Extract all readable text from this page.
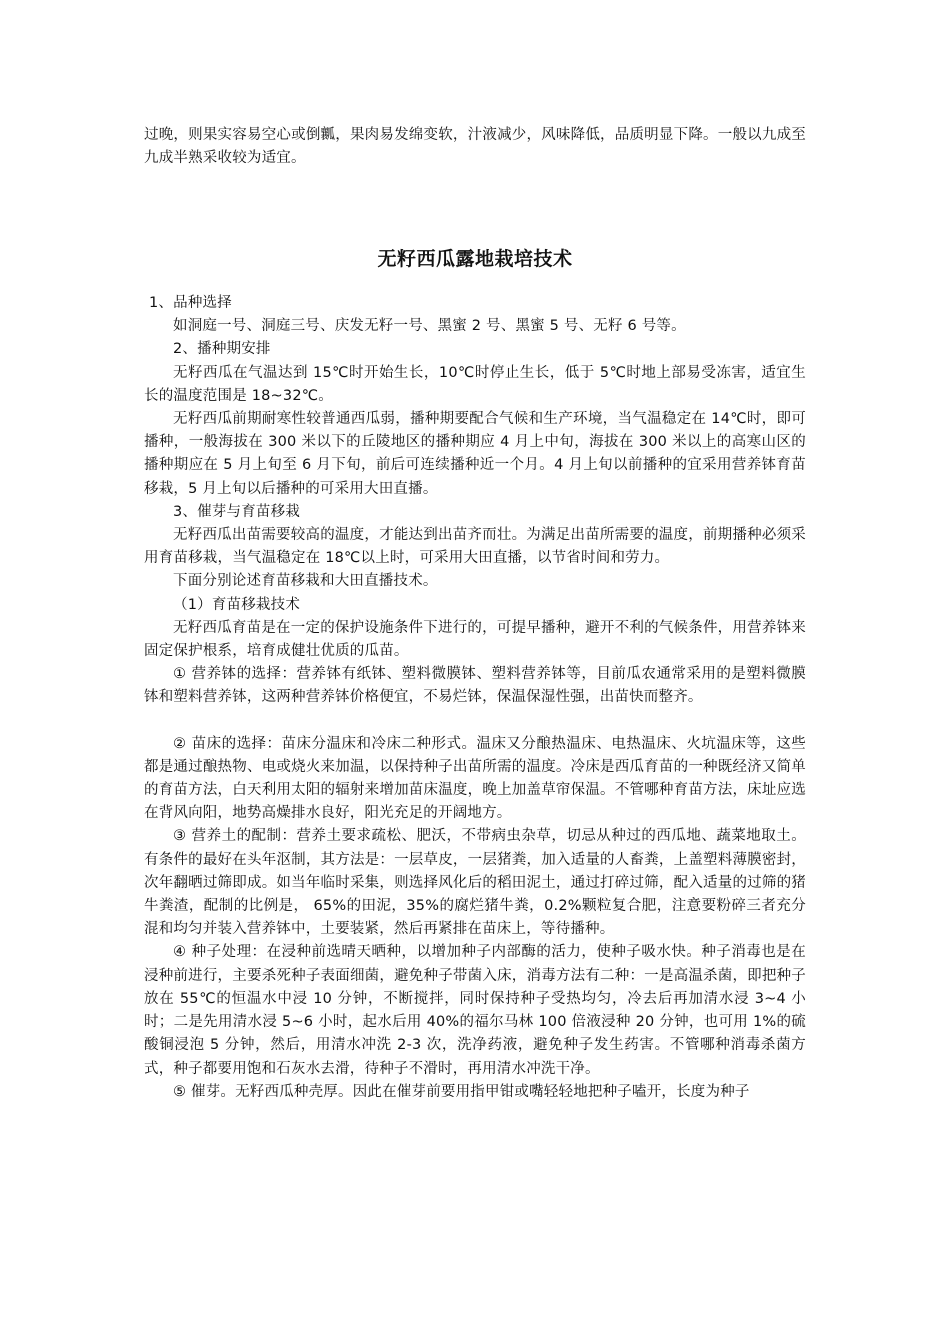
过晚，则果实容易空心或倒瓤，果肉易发绵变软，汁液减少，风味降低，品质明显下降。一般以九成至九成半熟采收较为适宜。

无籽西瓜露地栽培技术

1、品种选择

如洞庭一号、洞庭三号、庆发无籽一号、黑蜜 2 号、黑蜜 5 号、无籽 6 号等。

2、播种期安排

无籽西瓜在气温达到 15℃时开始生长，10℃时停止生长，低于 5℃时地上部易受冻害，适宜生长的温度范围是 18~32℃。

无籽西瓜前期耐寒性较普通西瓜弱，播种期要配合气候和生产环境，当气温稳定在 14℃时，即可播种，一般海拔在 300 米以下的丘陵地区的播种期应 4 月上中旬，海拔在 300 米以上的高寒山区的播种期应在 5 月上旬至 6 月下旬，前后可连续播种近一个月。4 月上旬以前播种的宜采用营养钵育苗移栽，5 月上旬以后播种的可采用大田直播。

3、催芽与育苗移栽

无籽西瓜出苗需要较高的温度，才能达到出苗齐而壮。为满足出苗所需要的温度，前期播种必须采用育苗移栽，当气温稳定在 18℃以上时，可采用大田直播，以节省时间和劳力。

下面分别论述育苗移栽和大田直播技术。

（1）育苗移栽技术

无籽西瓜育苗是在一定的保护设施条件下进行的，可提早播种，避开不利的气候条件，用营养钵来固定保护根系，培育成健壮优质的瓜苗。

① 营养钵的选择：营养钵有纸钵、塑料微膜钵、塑料营养钵等，目前瓜农通常采用的是塑料微膜钵和塑料营养钵，这两种营养钵价格便宜，不易烂钵，保温保湿性强，出苗快而整齐。

② 苗床的选择：苗床分温床和冷床二种形式。温床又分酿热温床、电热温床、火坑温床等，这些都是通过酿热物、电或烧火来加温，以保持种子出苗所需的温度。冷床是西瓜育苗的一种既经济又简单的育苗方法，白天利用太阳的辐射来增加苗床温度，晚上加盖草帘保温。不管哪种育苗方法，床址应选在背风向阳，地势高燥排水良好，阳光充足的开阔地方。

③ 营养土的配制：营养土要求疏松、肥沃，不带病虫杂草，切忌从种过的西瓜地、蔬菜地取土。有条件的最好在头年沤制，其方法是：一层草皮，一层猪粪，加入适量的人畜粪，上盖塑料薄膜密封，次年翻晒过筛即成。如当年临时采集，则选择风化后的稻田泥土，通过打碎过筛，配入适量的过筛的猪牛粪渣，配制的比例是， 65%的田泥，35%的腐烂猪牛粪，0.2%颗粒复合肥，注意要粉碎三者充分混和均匀并装入营养钵中，土要装紧，然后再紧排在苗床上，等待播种。

④ 种子处理：在浸种前选晴天晒种，以增加种子内部酶的活力，使种子吸水快。种子消毒也是在浸种前进行，主要杀死种子表面细菌，避免种子带菌入床，消毒方法有二种：一是高温杀菌，即把种子放在 55℃的恒温水中浸 10 分钟，不断搅拌，同时保持种子受热均匀，冷去后再加清水浸 3~4 小时；二是先用清水浸 5~6 小时，起水后用 40%的福尔马林 100 倍液浸种 20 分钟，也可用 1%的硫酸铜浸泡 5 分钟，然后，用清水冲洗 2-3 次，洗净药液，避免种子发生药害。不管哪种消毒杀菌方式，种子都要用饱和石灰水去滑，待种子不滑时，再用清水冲洗干净。

⑤ 催芽。无籽西瓜种壳厚。因此在催芽前要用指甲钳或嘴轻轻地把种子嗑开，长度为种子
